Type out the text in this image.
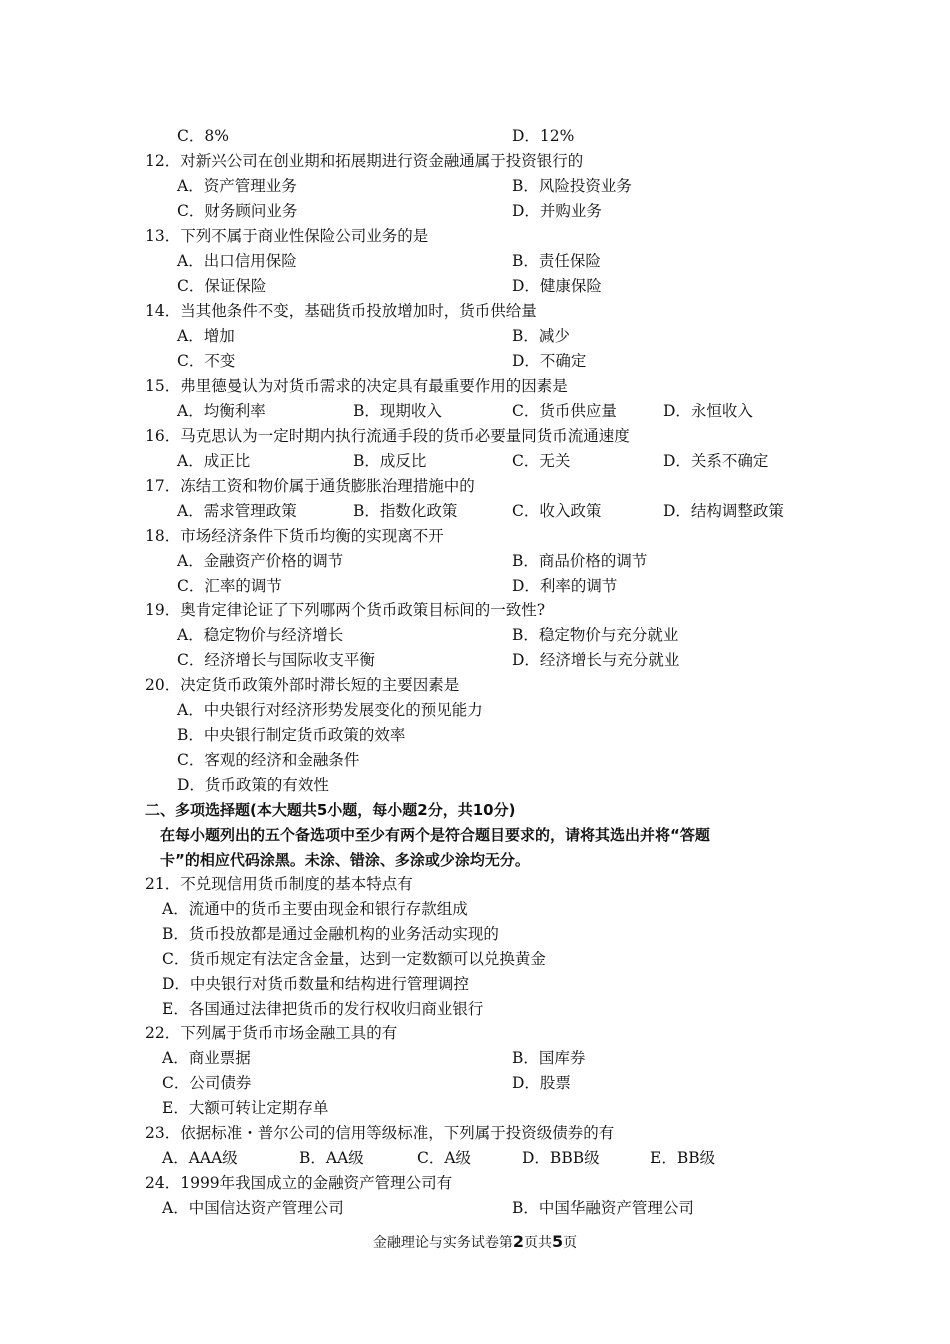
C．8%	D．12%
12．对新兴公司在创业期和拓展期进行资金融通属于投资银行的
A．资产管理业务	B．风险投资业务
C．财务顾问业务	D．并购业务
13．下列不属于商业性保险公司业务的是
A．出口信用保险	B．责任保险
C．保证保险	D．健康保险
14．当其他条件不变，基础货币投放增加时，货币供给量
A．增加	B．减少
C．不变	D．不确定
15．弗里德曼认为对货币需求的决定具有最重要作用的因素是
A．均衡利率	B．现期收入	C．货币供应量	D．永恒收入
16．马克思认为一定时期内执行流通手段的货币必要量同货币流通速度
A．成正比	B．成反比	C．无关	D．关系不确定
17．冻结工资和物价属于通货膨胀治理措施中的
A．需求管理政策	B．指数化政策	C．收入政策	D．结构调整政策
18．市场经济条件下货币均衡的实现离不开
A．金融资产价格的调节	B．商品价格的调节
C．汇率的调节	D．利率的调节
19．奥肯定律论证了下列哪两个货币政策目标间的一致性?
A．稳定物价与经济增长	B．稳定物价与充分就业
C．经济增长与国际收支平衡	D．经济增长与充分就业
20．决定货币政策外部时滞长短的主要因素是
A．中央银行对经济形势发展变化的预见能力
B．中央银行制定货币政策的效率
C．客观的经济和金融条件
D．货币政策的有效性
二、多项选择题(本大题共5小题，每小题2分，共10分)
在每小题列出的五个备选项中至少有两个是符合题目要求的，请将其选出并将“答题
卡”的相应代码涂黑。未涂、错涂、多涂或少涂均无分。
21．不兑现信用货币制度的基本特点有
A．流通中的货币主要由现金和银行存款组成
B．货币投放都是通过金融机构的业务活动实现的
C．货币规定有法定含金量，达到一定数额可以兑换黄金
D．中央银行对货币数量和结构进行管理调控
E．各国通过法律把货币的发行权收归商业银行
22．下列属于货币市场金融工具的有
A．商业票据	B．国库券
C．公司债券	D．股票
E．大额可转让定期存单
23．依据标准・普尔公司的信用等级标准，下列属于投资级债券的有
A．AAA级	B．AA级	C．A级	D．BBB级	E．BB级
24．1999年我国成立的金融资产管理公司有
A．中国信达资产管理公司	B．中国华融资产管理公司
金融理论与实务试卷第2页共5页
